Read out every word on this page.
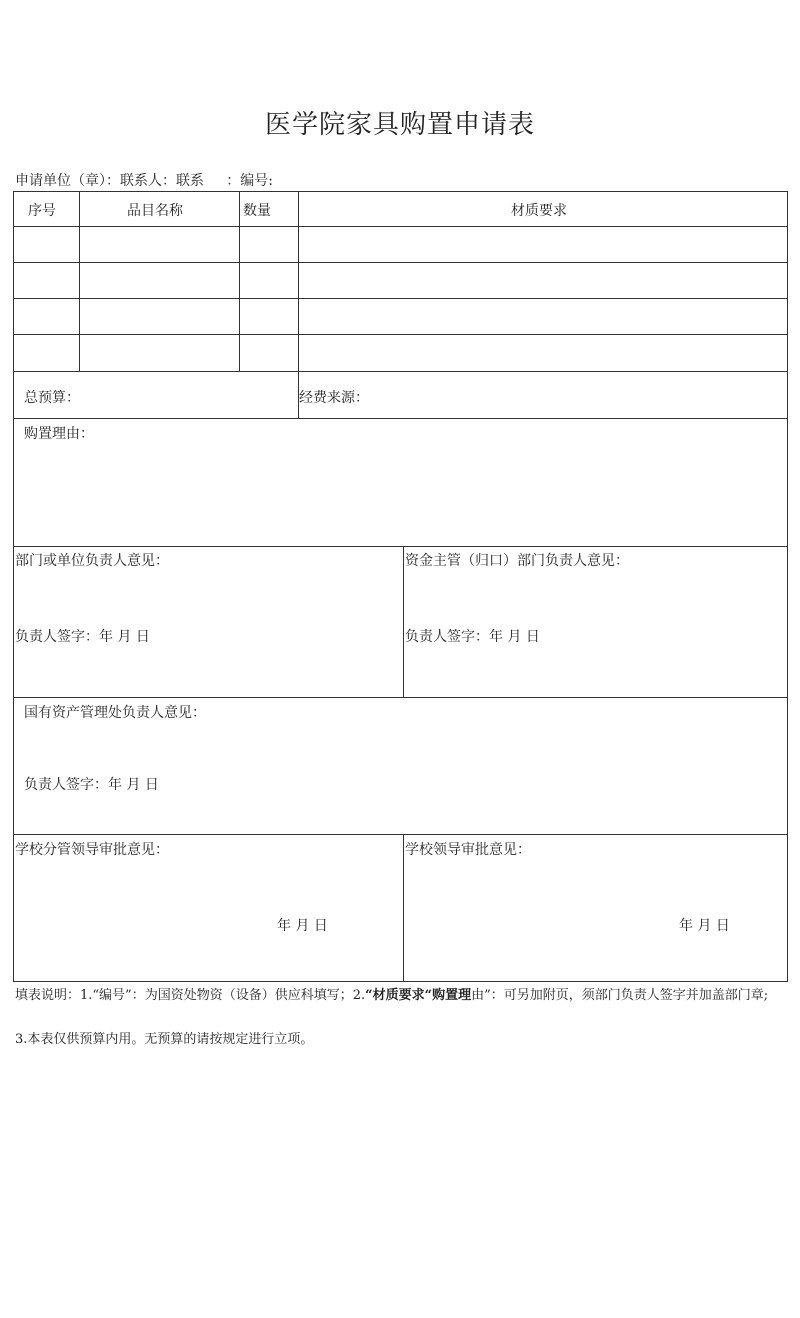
医学院家具购置申请表
申请单位（章）：联系人：联系     ：编号:
序号	品目名称	数量	材质要求
总预算：	经费来源：
购置理由：
部门或单位负责人意见：
负责人签字：年 月 日
资金主管（归口）部门负责人意见：
负责人签字：年 月 日
国有资产管理处负责人意见：
负责人签字：年 月 日
学校分管领导审批意见：
年 月 日
学校领导审批意见：
年 月 日
填表说明：1.“编号”：为国资处物资（设备）供应科填写；2.“材质要求“购置理由”：可另加附页，须部门负责人签字并加盖部门章;
3.本表仅供预算内用。无预算的请按规定进行立项。
